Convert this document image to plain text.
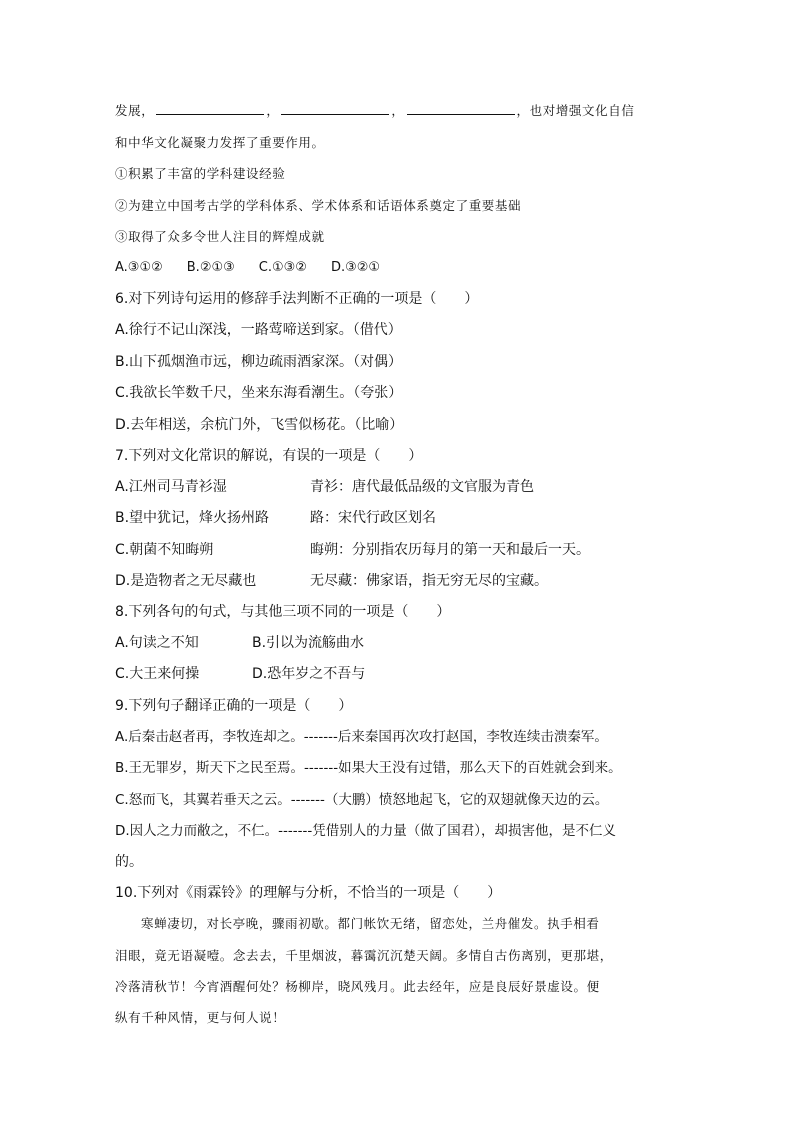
发展，	，	，	，也对增强文化自信
和中华文化凝聚力发挥了重要作用。
①积累了丰富的学科建设经验
②为建立中国考古学的学科体系、学术体系和话语体系奠定了重要基础
③取得了众多令世人注目的辉煌成就
A.③①② B.②①③ C.①③② D.③②①
6.对下列诗句运用的修辞手法判断不正确的一项是（　　）
A.徐行不记山深浅，一路莺啼送到家。（借代）
B.山下孤烟渔市远，柳边疏雨酒家深。（对偶）
C.我欲长竿数千尺，坐来东海看潮生。（夸张）
D.去年相送，余杭门外，飞雪似杨花。（比喻）
7.下列对文化常识的解说，有误的一项是（　　）
A.江州司马青衫湿	青衫：唐代最低品级的文官服为青色
B.望中犹记，烽火扬州路	路：宋代行政区划名
C.朝菌不知晦朔	晦朔：分别指农历每月的第一天和最后一天。
D.是造物者之无尽藏也	无尽藏：佛家语，指无穷无尽的宝藏。
8.下列各句的句式，与其他三项不同的一项是（　　）
A.句读之不知	B.引以为流觞曲水
C.大王来何操	D.恐年岁之不吾与
9.下列句子翻译正确的一项是（　　）
A.后秦击赵者再，李牧连却之。-------后来秦国再次攻打赵国，李牧连续击溃秦军。
B.王无罪岁，斯天下之民至焉。-------如果大王没有过错，那么天下的百姓就会到来。
C.怒而飞，其翼若垂天之云。-------（大鹏）愤怒地起飞，它的双翅就像天边的云。
D.因人之力而敝之，不仁。-------凭借别人的力量（做了国君），却损害他，是不仁义
的。
10.下列对《雨霖铃》的理解与分析，不恰当的一项是（　　）
寒蝉凄切，对长亭晚，骤雨初歇。都门帐饮无绪，留恋处，兰舟催发。执手相看
泪眼，竟无语凝噎。念去去，千里烟波，暮霭沉沉楚天阔。多情自古伤离别，更那堪，
冷落清秋节！今宵酒醒何处？杨柳岸，晓风残月。此去经年，应是良辰好景虚设。便
纵有千种风情，更与何人说！
